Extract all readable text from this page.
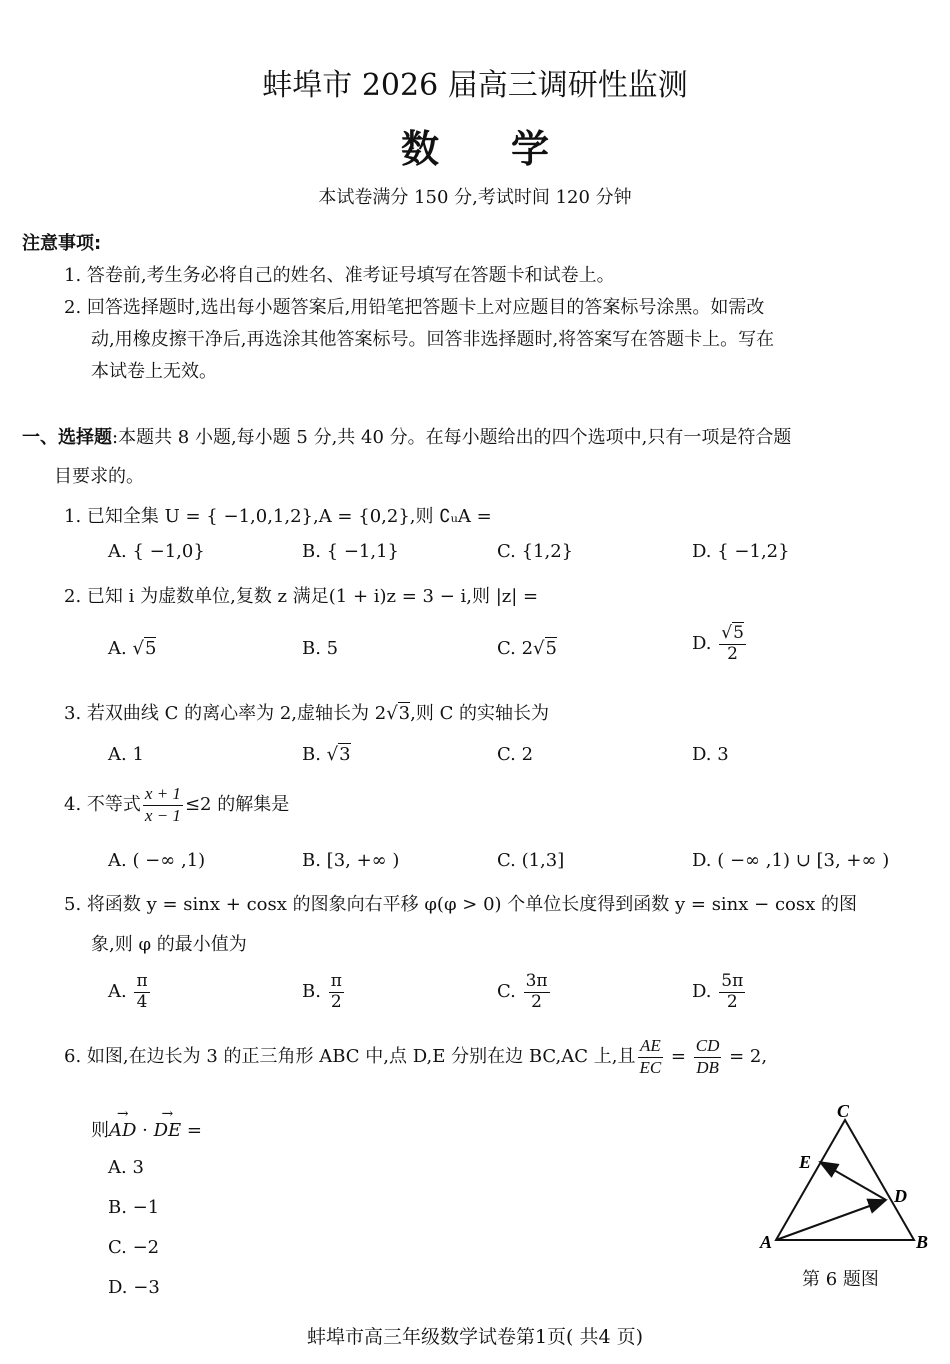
蚌埠市 2026 届高三调研性监测
数 学
本试卷满分 150 分,考试时间 120 分钟
注意事项:
1. 答卷前,考生务必将自己的姓名、准考证号填写在答题卡和试卷上。
2. 回答选择题时,选出每小题答案后,用铅笔把答题卡上对应题目的答案标号涂黑。如需改
动,用橡皮擦干净后,再选涂其他答案标号。回答非选择题时,将答案写在答题卡上。写在
本试卷上无效。
一、选择题:本题共 8 小题,每小题 5 分,共 40 分。在每小题给出的四个选项中,只有一项是符合题
目要求的。
1. 已知全集 U = { −1,0,1,2},A = {0,2},则 ∁ᵤA =
A. { −1,0}	B. { −1,1}	C. {1,2}	D. { −1,2}
2. 已知 i 为虚数单位,复数 z 满足(1 + i)z = 3 − i,则 |z| =
A. √5	B. 5	C. 2√5	D. $\frac{√5}{2}$
3. 若双曲线 C 的离心率为 2,虚轴长为 2√3,则 C 的实轴长为
A. 1	B. √3	C. 2	D. 3
4. 不等式 $\frac{x + 1}{x - 1} \le 2$ 的解集是
A. ( −∞ ,1)	B. [3, +∞ )	C. (1,3]	D. ( −∞ ,1) ∪ [3, +∞ )
5. 将函数 y = sinx + cosx 的图象向右平移 φ(φ > 0) 个单位长度得到函数 y = sinx − cosx 的图
象,则 φ 的最小值为
A. $\frac{\pi}{4}$	B. $\frac{\pi}{2}$	C. $\frac{3\pi}{2}$	D. $\frac{5\pi}{2}$
6. 如图,在边长为 3 的正三角形 ABC 中,点 D,E 分别在边 BC,AC 上,且 $\frac{AE}{EC} = \frac{CD}{DB} = 2$,
则→ AD · → DE =
A. 3
B. −1
C. −2
D. −3
C
E
D
A	B
第 6 题图
蚌埠市高三年级数学试卷第1页( 共4 页)
